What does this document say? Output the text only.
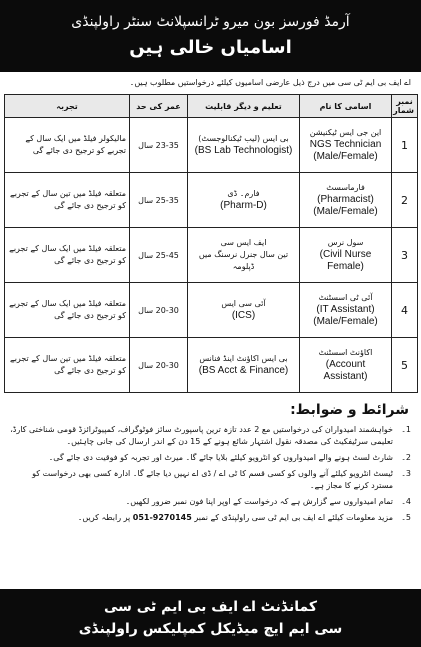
آرمڈ فورسز بون میرو ٹرانسپلانٹ سنٹر راولپنڈی
اسامیاں خالی ہیں
اے ایف بی ایم ٹی سی میں درج ذیل عارضی اسامیوں کیلئے درخواستیں مطلوب ہیں۔
نمبر شمار	اسامی کا نام	تعلیم و دیگر قابلیت	عمر کی حد	تجربہ
1	این جی ایس ٹیکنیشن
NGS Technician (Male/Female)	بی ایس (لیب ٹیکنالوجسٹ)
(BS Lab Technologist)	23-35 سال	مالیکولر فیلڈ میں ایک سال کے تجربے کو ترجیح دی جائے گی
2	فارماسسٹ
(Pharmacist) (Male/Female)	فارم۔ ڈی
(Pharm-D)	25-35 سال	متعلقہ فیلڈ میں تین سال کے تجربے کو ترجیح دی جائے گی
3	سول نرس
(Civil Nurse Female)	ایف ایس سی
تین سال جنرل نرسنگ میں ڈپلومہ	25-45 سال	متعلقہ فیلڈ میں ایک سال کے تجربے کو ترجیح دی جائے گی
4	آئی ٹی اسسٹنٹ
(IT Assistant) (Male/Female)	آئی سی ایس
(ICS)	20-30 سال	متعلقہ فیلڈ میں ایک سال کے تجربے کو ترجیح دی جائے گی
5	اکاؤنٹ اسسٹنٹ
(Account Assistant)	بی ایس اکاؤنٹ اینڈ فنانس
(BS Acct & Finance)	20-30 سال	متعلقہ فیلڈ میں تین سال کے تجربے کو ترجیح دی جائے گی
شرائط و ضوابط:
1۔
خواہشمند امیدواران کی درخواستیں مع 2 عدد تازہ ترین پاسپورٹ سائز فوٹوگراف، کمپیوٹرائزڈ قومی شناختی کارڈ، تعلیمی سرٹیفکیٹ کی مصدقہ نقول اشتہار شائع ہونے کے 15 دن کے اندر ارسال کی جانی چاہئیں۔
2۔
شارٹ لسٹ ہونے والے امیدواروں کو انٹرویو کیلئے بلایا جائے گا۔ میرٹ اور تجربہ کو فوقیت دی جائے گی۔
3۔
ٹیسٹ انٹرویو کیلئے آنے والوں کو کسی قسم کا ٹی اے / ڈی اے نہیں دیا جائے گا۔ ادارہ کسی بھی درخواست کو مسترد کرنے کا مجاز ہے۔
4۔
تمام امیدواروں سے گزارش ہے کہ درخواست کے اوپر اپنا فون نمبر ضرور لکھیں۔
5۔
مزید معلومات کیلئے اے ایف بی ایم ٹی سی راولپنڈی کے نمبر 051-9270145 پر رابطہ کریں۔
کمانڈنٹ اے ایف بی ایم ٹی سی
سی ایم ایچ میڈیکل کمپلیکس راولپنڈی
